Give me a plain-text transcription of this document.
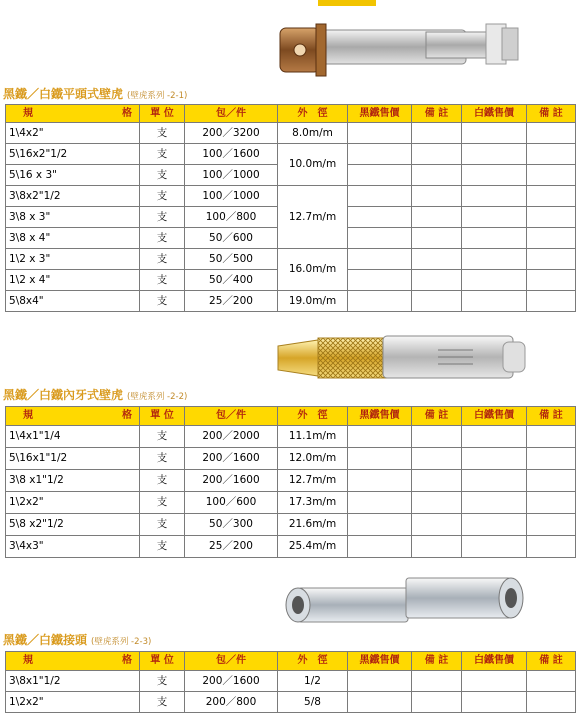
黑鐵／白鐵平頭式壁虎 (壁虎系列 -2-1)
規 格	單 位	包／件	外　徑	黑鐵售價	備 註	白鐵售價	備 註
1\4x2"	支	200／3200	8.0m/m				
5\16x2"1/2	支	100／1600	10.0m/m				
5\16 x 3"	支	100／1000					
3\8x2"1/2	支	100／1000	12.7m/m				
3\8 x 3"	支	100／800					
3\8 x 4"	支	50／600					
1\2 x 3"	支	50／500	16.0m/m				
1\2 x 4"	支	50／400					
5\8x4"	支	25／200	19.0m/m				
黑鐵／白鐵內牙式壁虎 (壁虎系列 -2-2)
規 格	單 位	包／件	外　徑	黑鐵售價	備 註	白鐵售價	備 註
1\4x1"1/4	支	200／2000	11.1m/m				
5\16x1"1/2	支	200／1600	12.0m/m				
3\8 x1"1/2	支	200／1600	12.7m/m				
1\2x2"	支	100／600	17.3m/m				
5\8 x2"1/2	支	50／300	21.6m/m				
3\4x3"	支	25／200	25.4m/m				
黑鐵／白鐵接頭 (壁虎系列 -2-3)
規 格	單 位	包／件	外　徑	黑鐵售價	備 註	白鐵售價	備 註
3\8x1"1/2	支	200／1600	1/2				
1\2x2"	支	200／800	5/8				
